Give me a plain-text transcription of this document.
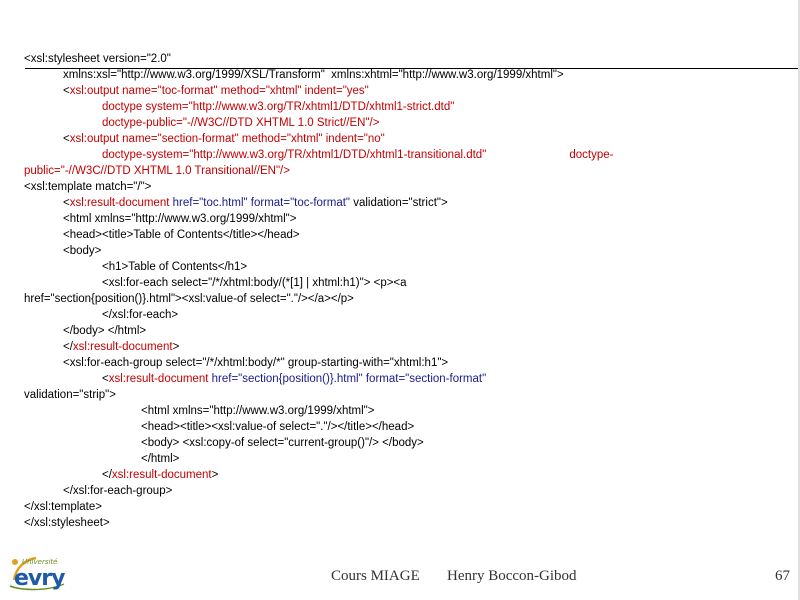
<xsl:stylesheet version="2.0"
xmlns:xsl="http://www.w3.org/1999/XSL/Transform"  xmlns:xhtml="http://www.w3.org/1999/xhtml">
<xsl:output name="toc-format" method="xhtml" indent="yes"
doctype system="http://www.w3.org/TR/xhtml1/DTD/xhtml1-strict.dtd"
doctype-public="-//W3C//DTD XHTML 1.0 Strict//EN"/>
<xsl:output name="section-format" method="xhtml" indent="no"
doctype-system="http://www.w3.org/TR/xhtml1/DTD/xhtml1-transitional.dtd"                          doctype-
public="-//W3C//DTD XHTML 1.0 Transitional//EN"/>
<xsl:template match="/">
<xsl:result-document href="toc.html" format="toc-format" validation="strict">
<html xmlns="http://www.w3.org/1999/xhtml">
<head><title>Table of Contents</title></head>
<body>
<h1>Table of Contents</h1>
<xsl:for-each select="/*/xhtml:body/(*[1] | xhtml:h1)"> <p><a
href="section{position()}.html"><xsl:value-of select="."/></a></p>
</xsl:for-each>
</body> </html>
</xsl:result-document>
<xsl:for-each-group select="/*/xhtml:body/*" group-starting-with="xhtml:h1">
<xsl:result-document href="section{position()}.html" format="section-format"
validation="strip">
<html xmlns="http://www.w3.org/1999/xhtml">
<head><title><xsl:value-of select="."/></title></head>
<body> <xsl:copy-of select="current-group()"/> </body>
</html>
</xsl:result-document>
</xsl:for-each-group>
</xsl:template>
</xsl:stylesheet>
Université
evry	Cours MIAGE Henry Boccon-Gibod	67
